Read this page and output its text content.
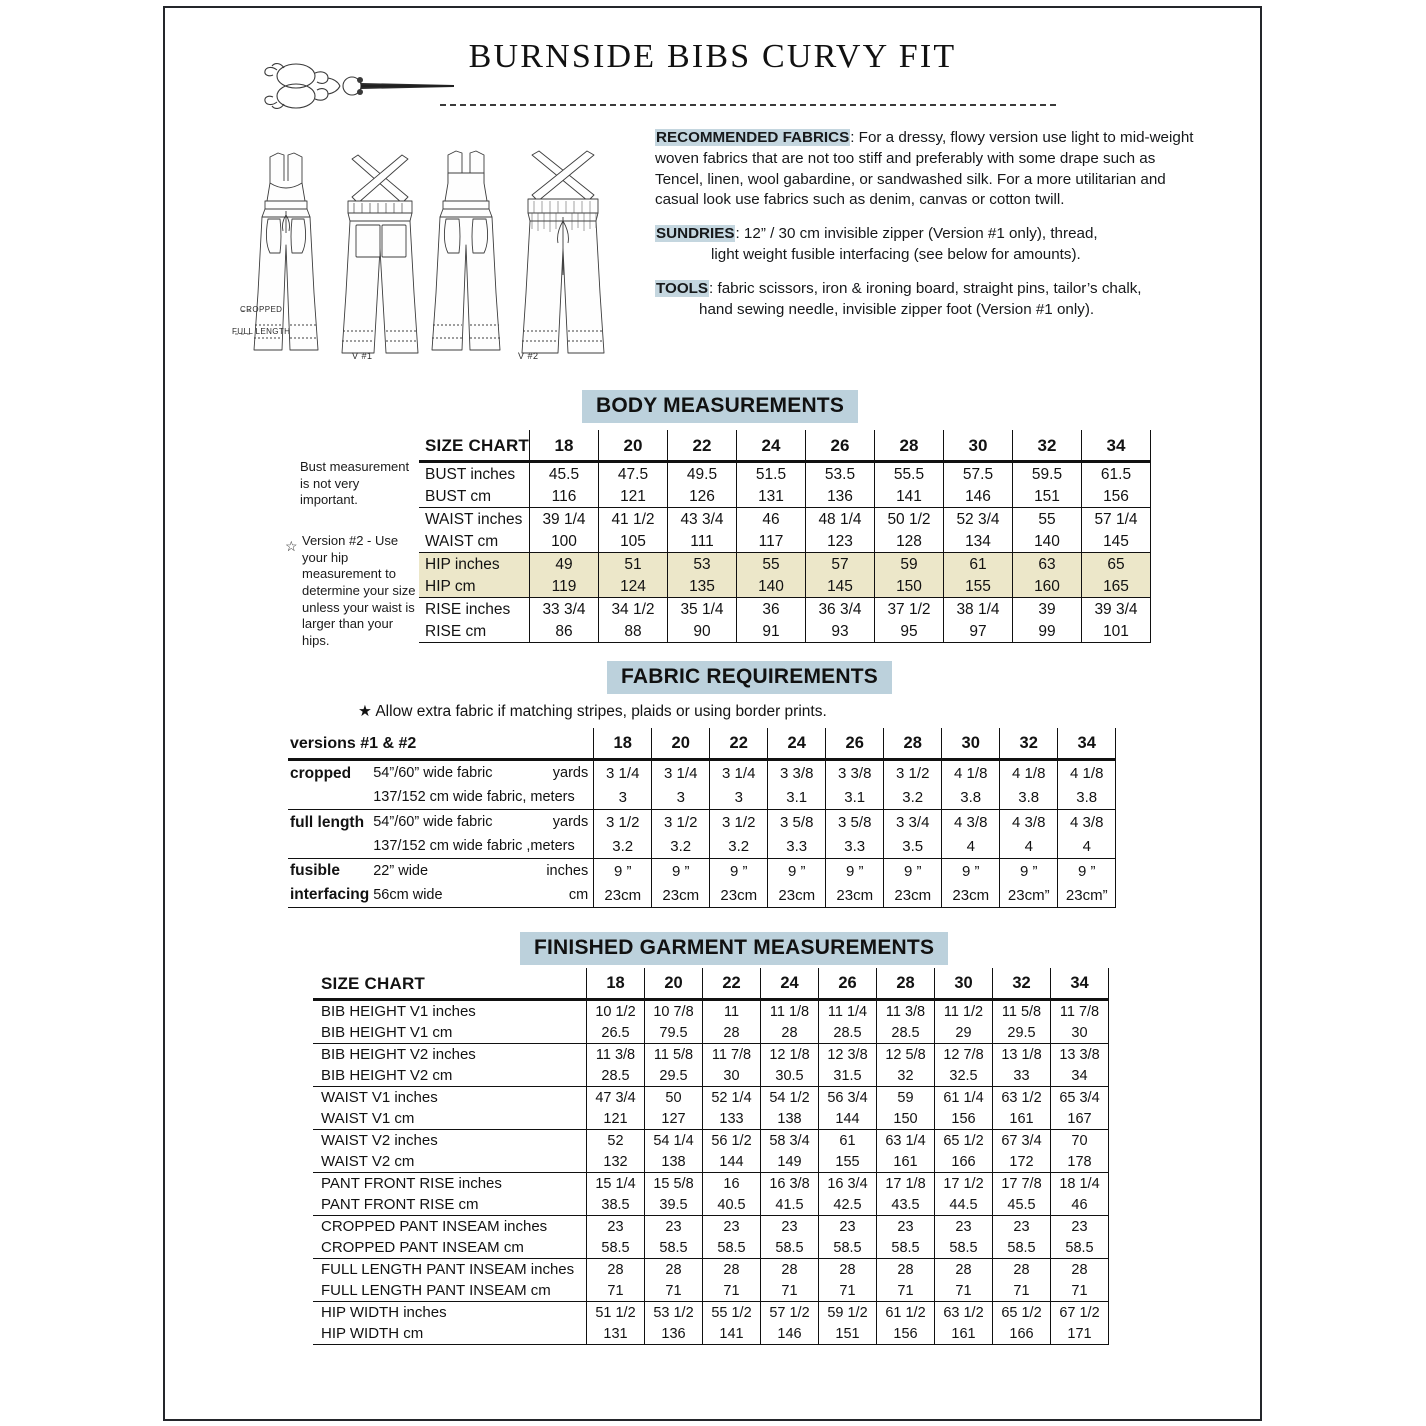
BURNSIDE BIBS CURVY FIT
V #1	V #2
CROPPED
FULL LENGTH
RECOMMENDED FABRICS: For a dressy, flowy version use light to mid-weight woven fabrics that are not too stiff and preferably with some drape such as Tencel, linen, wool gabardine, or sandwashed silk. For a more utilitarian and casual look use fabrics such as denim, canvas or cotton twill.
SUNDRIES: 12” / 30 cm invisible zipper (Version #1 only), thread,
light weight fusible interfacing (see below for amounts).
TOOLS: fabric scissors, iron & ironing board, straight pins, tailor’s chalk,
hand sewing needle, invisible zipper foot (Version #1 only).
BODY MEASUREMENTS
FABRIC REQUIREMENTS
FINISHED GARMENT MEASUREMENTS
Bust measurement is not very important.
☆ Version #2 - Use your hip measurement to determine your size unless your waist is larger than your hips.
SIZE CHART	18	20	22	24	26	28	30	32	34
BUST inches	45.5	47.5	49.5	51.5	53.5	55.5	57.5	59.5	61.5
BUST cm	116	121	126	131	136	141	146	151	156
WAIST inches	39 1/4	41 1/2	43 3/4	46	48 1/4	50 1/2	52 3/4	55	57 1/4
WAIST cm	100	105	111	117	123	128	134	140	145
HIP inches	49	51	53	55	57	59	61	63	65
HIP cm	119	124	135	140	145	150	155	160	165
RISE inches	33 3/4	34 1/2	35 1/4	36	36 3/4	37 1/2	38 1/4	39	39 3/4
RISE cm	86	88	90	91	93	95	97	99	101
★ Allow extra fabric if matching stripes, plaids or using border prints.
versions #1 & #2		18	20	22	24	26	28	30	32	34
cropped	54”/60” wide fabric yards	3 1/4	3 1/4	3 1/4	3 3/8	3 3/8	3 1/2	4 1/8	4 1/8	4 1/8
	137/152 cm wide fabric, meters	3	3	3	3.1	3.1	3.2	3.8	3.8	3.8
full length	54”/60” wide fabric yards	3 1/2	3 1/2	3 1/2	3 5/8	3 5/8	3 3/4	4 3/8	4 3/8	4 3/8
	137/152 cm wide fabric ,meters	3.2	3.2	3.2	3.3	3.3	3.5	4	4	4
fusible	22” wide inches	9 ”	9 ”	9 ”	9 ”	9 ”	9 ”	9 ”	9 ”	9 ”
interfacing	56cm wide cm	23cm	23cm	23cm	23cm	23cm	23cm	23cm	23cm”	23cm”
SIZE CHART	18	20	22	24	26	28	30	32	34
BIB HEIGHT V1 inches	10 1/2	10 7/8	11	11 1/8	11 1/4	11 3/8	11 1/2	11 5/8	11 7/8
BIB HEIGHT V1 cm	26.5	79.5	28	28	28.5	28.5	29	29.5	30
BIB HEIGHT V2 inches	11 3/8	11 5/8	11 7/8	12 1/8	12 3/8	12 5/8	12 7/8	13 1/8	13 3/8
BIB HEIGHT V2 cm	28.5	29.5	30	30.5	31.5	32	32.5	33	34
WAIST V1 inches	47 3/4	50	52 1/4	54 1/2	56 3/4	59	61 1/4	63 1/2	65 3/4
WAIST V1 cm	121	127	133	138	144	150	156	161	167
WAIST V2 inches	52	54 1/4	56 1/2	58 3/4	61	63 1/4	65 1/2	67 3/4	70
WAIST V2 cm	132	138	144	149	155	161	166	172	178
PANT FRONT RISE inches	15 1/4	15 5/8	16	16 3/8	16 3/4	17 1/8	17 1/2	17 7/8	18 1/4
PANT FRONT RISE cm	38.5	39.5	40.5	41.5	42.5	43.5	44.5	45.5	46
CROPPED PANT INSEAM inches	23	23	23	23	23	23	23	23	23
CROPPED PANT INSEAM cm	58.5	58.5	58.5	58.5	58.5	58.5	58.5	58.5	58.5
FULL LENGTH PANT INSEAM inches	28	28	28	28	28	28	28	28	28
FULL LENGTH PANT INSEAM cm	71	71	71	71	71	71	71	71	71
HIP WIDTH inches	51 1/2	53 1/2	55 1/2	57 1/2	59 1/2	61 1/2	63 1/2	65 1/2	67 1/2
HIP WIDTH cm	131	136	141	146	151	156	161	166	171
